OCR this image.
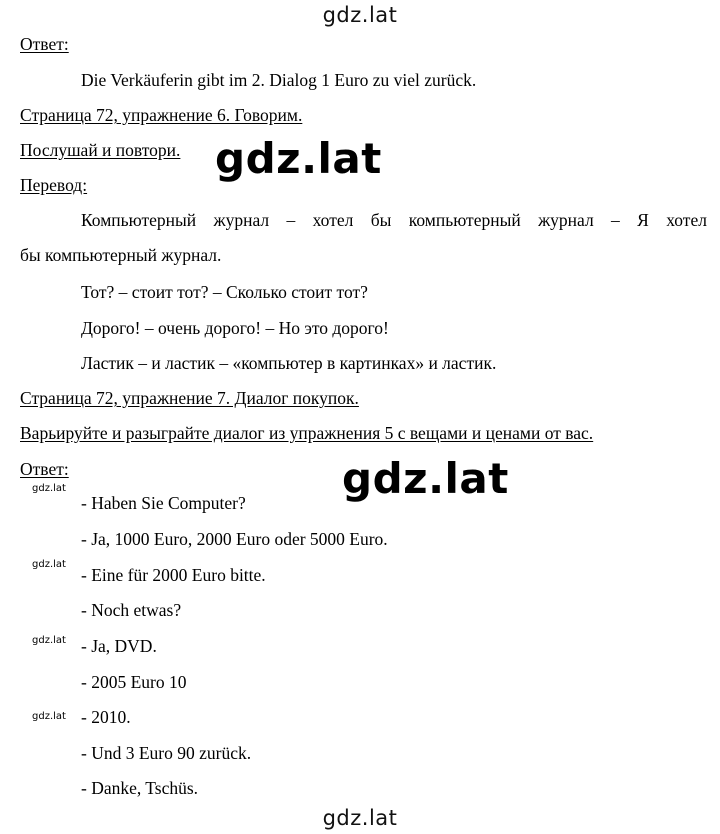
gdz.lat
gdz.lat
gdz.lat
gdz.lat
gdz.lat
gdz.lat
gdz.lat
gdz.lat
Ответ:
Die Verkäuferin gibt im 2. Dialog 1 Euro zu viel zurück.
Страница 72, упражнение 6. Говорим.
Послушай и повтори.
Перевод:
Компьютерный журнал – хотел бы компьютерный журнал – Я хотел
бы компьютерный журнал.
Тот? – стоит тот? – Сколько стоит тот?
Дорого! – очень дорого! – Но это дорого!
Ластик – и ластик – «компьютер в картинках» и ластик.
Страница 72, упражнение 7. Диалог покупок.
Варьируйте и разыграйте диалог из упражнения 5 с вещами и ценами от вас.
Ответ:
- Haben Sie Computer?
- Ja, 1000 Euro, 2000 Euro oder 5000 Euro.
- Eine für 2000 Euro bitte.
- Noch etwas?
- Ja, DVD.
- 2005 Euro 10
- 2010.
- Und 3 Euro 90 zurück.
- Danke, Tschüs.
